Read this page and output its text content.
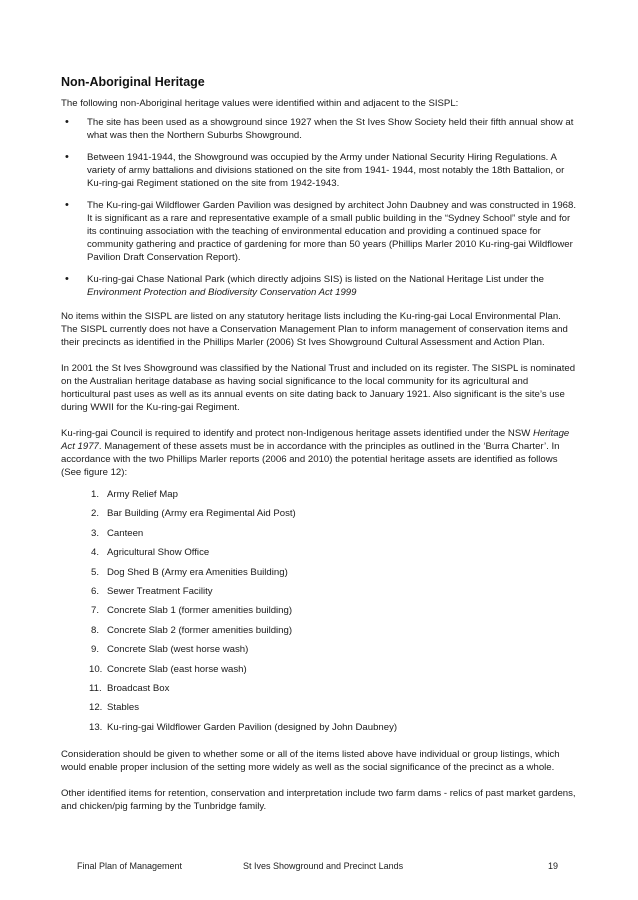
Non-Aboriginal Heritage

The following non-Aboriginal heritage values were identified within and adjacent to the SISPL:

• The site has been used as a showground since 1927 when the St Ives Show Society held their fifth annual show at what was then the Northern Suburbs Showground.
• Between 1941-1944, the Showground was occupied by the Army under National Security Hiring Regulations. A variety of army battalions and divisions stationed on the site from 1941- 1944, most notably the 18th Battalion, or Ku-ring-gai Regiment stationed on the site from 1942-1943.
• The Ku-ring-gai Wildflower Garden Pavilion was designed by architect John Daubney and was constructed in 1968. It is significant as a rare and representative example of a small public building in the “Sydney School” style and for its continuing association with the teaching of environmental education and providing a continued space for community gathering and practice of gardening for more than 50 years (Phillips Marler 2010 Ku-ring-gai Wildflower Pavilion Draft Conservation Report).
• Ku-ring-gai Chase National Park (which directly adjoins SIS) is listed on the National Heritage List under the Environment Protection and Biodiversity Conservation Act 1999

No items within the SISPL are listed on any statutory heritage lists including the Ku-ring-gai Local Environmental Plan. The SISPL currently does not have a Conservation Management Plan to inform management of conservation items and their precincts as identified in the Phillips Marler (2006) St Ives Showground Cultural Assessment and Action Plan.

In 2001 the St Ives Showground was classified by the National Trust and included on its register. The SISPL is nominated on the Australian heritage database as having social significance to the local community for its agricultural and horticultural past uses as well as its annual events on site dating back to January 1921. Also significant is the site’s use during WWII for the Ku-ring-gai Regiment.

Ku-ring-gai Council is required to identify and protect non-Indigenous heritage assets identified under the NSW Heritage Act 1977. Management of these assets must be in accordance with the principles as outlined in the ‘Burra Charter’. In accordance with the two Phillips Marler reports (2006 and 2010) the potential heritage assets are identified as follows (See figure 12):

1. Army Relief Map
2. Bar Building (Army era Regimental Aid Post)
3. Canteen
4. Agricultural Show Office
5. Dog Shed B (Army era Amenities Building)
6. Sewer Treatment Facility
7. Concrete Slab 1 (former amenities building)
8. Concrete Slab 2 (former amenities building)
9. Concrete Slab (west horse wash)
10. Concrete Slab (east horse wash)
11. Broadcast Box
12. Stables
13. Ku-ring-gai Wildflower Garden Pavilion (designed by John Daubney)

Consideration should be given to whether some or all of the items listed above have individual or group listings, which would enable proper inclusion of the setting more widely as well as the social significance of the precinct as a whole.

Other identified items for retention, conservation and interpretation include two farm dams - relics of past market gardens, and chicken/pig farming by the Tunbridge family.

Final Plan of Management	St Ives Showground and Precinct Lands	19
